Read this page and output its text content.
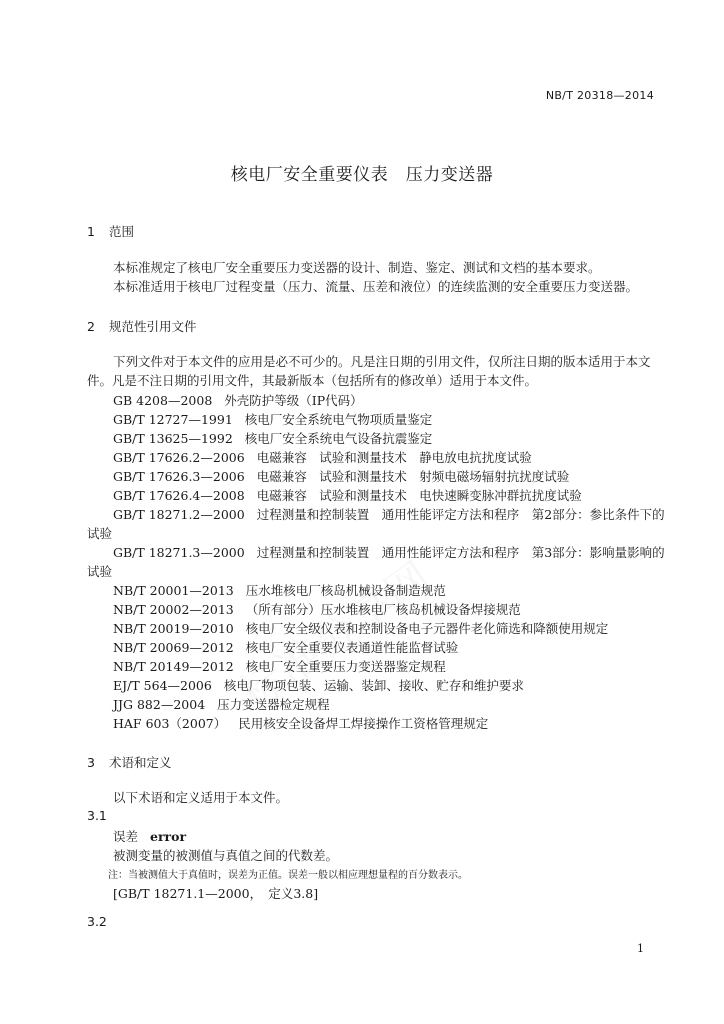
NB/T 20318—2014
核电厂安全重要仪表　压力变送器
1 范围
本标准规定了核电厂安全重要压力变送器的设计、制造、鉴定、测试和文档的基本要求。
本标准适用于核电厂过程变量（压力、流量、压差和液位）的连续监测的安全重要压力变送器。
2 规范性引用文件
下列文件对于本文件的应用是必不可少的。凡是注日期的引用文件，仅所注日期的版本适用于本文
件。凡是不注日期的引用文件，其最新版本（包括所有的修改单）适用于本文件。
GB 4208—2008 外壳防护等级（IP代码）
GB/T 12727—1991 核电厂安全系统电气物项质量鉴定
GB/T 13625—1992 核电厂安全系统电气设备抗震鉴定
GB/T 17626.2—2006 电磁兼容　试验和测量技术　静电放电抗扰度试验
GB/T 17626.3—2006 电磁兼容　试验和测量技术　射频电磁场辐射抗扰度试验
GB/T 17626.4—2008 电磁兼容　试验和测量技术　电快速瞬变脉冲群抗扰度试验
GB/T 18271.2—2000 过程测量和控制装置　通用性能评定方法和程序　第2部分：参比条件下的
试验
GB/T 18271.3—2000 过程测量和控制装置　通用性能评定方法和程序　第3部分：影响量影响的
试验
NB/T 20001—2013 压水堆核电厂核岛机械设备制造规范
NB/T 20002—2013 （所有部分）压水堆核电厂核岛机械设备焊接规范
NB/T 20019—2010 核电厂安全级仪表和控制设备电子元器件老化筛选和降额使用规定
NB/T 20069—2012 核电厂安全重要仪表通道性能监督试验
NB/T 20149—2012 核电厂安全重要压力变送器鉴定规程
EJ/T 564—2006 核电厂物项包装、运输、装卸、接收、贮存和维护要求
JJG 882—2004 压力变送器检定规程
HAF 603（2007） 民用核安全设备焊工焊接操作工资格管理规定
3 术语和定义
以下术语和定义适用于本文件。
3.1
误差 error
被测变量的被测值与真值之间的代数差。
注：当被测值大于真值时，误差为正值。误差一般以相应理想量程的百分数表示。
[GB/T 18271.1—2000，　定义3.8]
3.2
1
